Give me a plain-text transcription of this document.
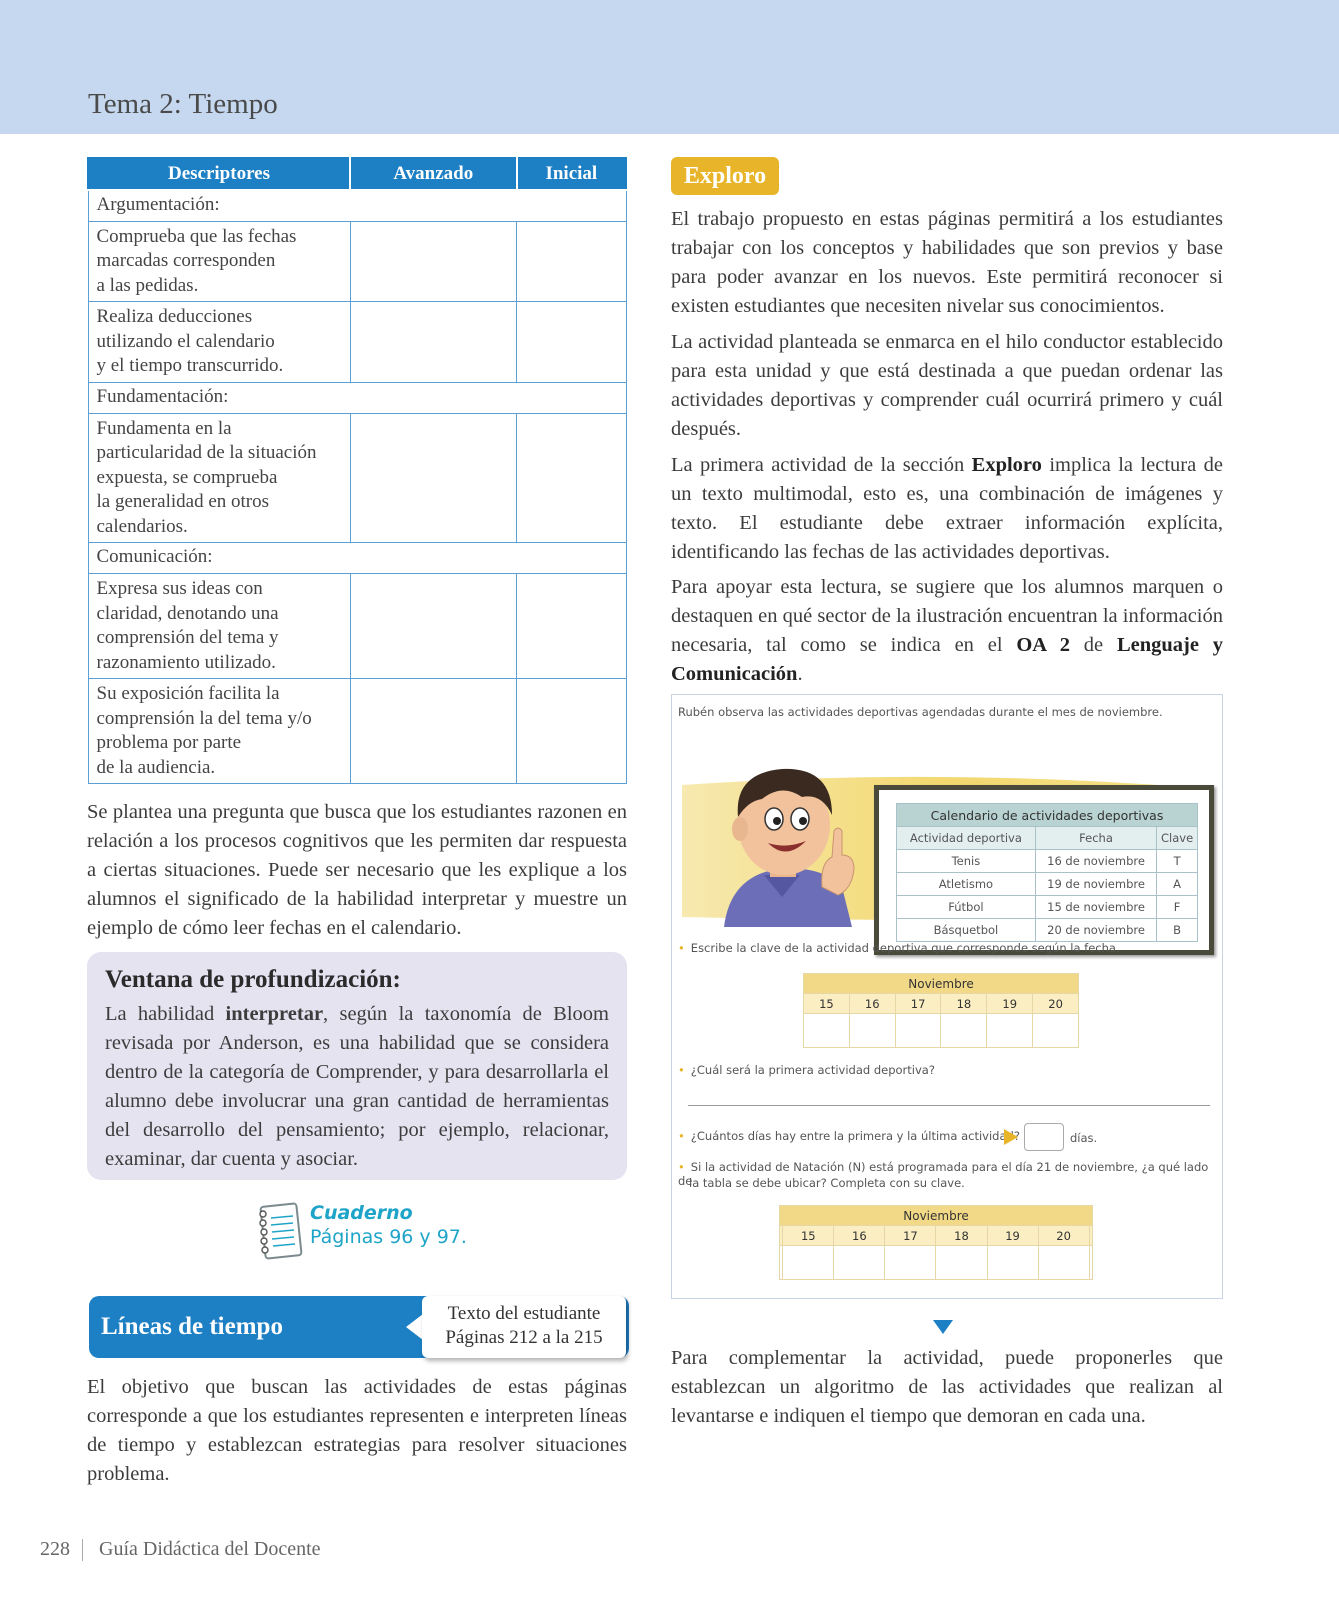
Tema 2: Tiempo
Descriptores	Avanzado	Inicial
Argumentación:		

Comprueba que las fechas
marcadas corresponden
a las pedidas.		

Realiza deducciones
utilizando el calendario
y el tiempo transcurrido.		

Fundamentación:		

Fundamenta en la
particularidad de la situación
expuesta, se comprueba
la generalidad en otros
calendarios.		

Comunicación:		

Expresa sus ideas con
claridad, denotando una
comprensión del tema y
razonamiento utilizado.		

Su exposición facilita la
comprensión la del tema y/o
problema por parte
de la audiencia.		

Se plantea una pregunta que busca que los estudiantes razonen en relación a los procesos cognitivos que les permiten dar respuesta a ciertas situaciones. Puede ser necesario que les explique a los alumnos el significado de la habilidad interpretar y muestre un ejemplo de cómo leer fechas en el calendario.
Ventana de profundización:

La habilidad interpretar, según la taxonomía de Bloom revisada por Anderson, es una habilidad que se considera dentro de la categoría de Comprender, y para desarrollarla el alumno debe involucrar una gran cantidad de herramientas del desarrollo del pensamiento; por ejemplo, relacionar, examinar, dar cuenta y asociar.

Cuaderno
Páginas 96 y 97.
Líneas de tiempo	Texto del estudiante
Páginas 212 a la 215
El objetivo que buscan las actividades de estas páginas corresponde a que los estudiantes representen e interpreten líneas de tiempo y establezcan estrategias para resolver situaciones problema.
Exploro
El trabajo propuesto en estas páginas permitirá a los estudiantes trabajar con los conceptos y habilidades que son previos y base para poder avanzar en los nuevos. Este permitirá reconocer si existen estudiantes que necesiten nivelar sus conocimientos.
La actividad planteada se enmarca en el hilo conductor establecido para esta unidad y que está destinada a que puedan ordenar las actividades deportivas y comprender cuál ocurrirá primero y cuál después.
La primera actividad de la sección Exploro implica la lectura de un texto multimodal, esto es, una combinación de imágenes y texto. El estudiante debe extraer información explícita, identificando las fechas de las actividades deportivas.
Para apoyar esta lectura, se sugiere que los alumnos marquen o destaquen en qué sector de la ilustración encuentran la información necesaria, tal como se indica en el OA 2 de Lenguaje y Comunicación.
Rubén observa las actividades deportivas agendadas durante el mes de noviembre.
Calendario de actividades deportivas		
Actividad deportiva	Fecha	Clave
Tenis	16 de noviembre	T
Atletismo	19 de noviembre	A
Fútbol	15 de noviembre	F
Básquetbol	20 de noviembre	B
• Escribe la clave de la actividad deportiva que corresponde según la fecha.
Noviembre					
15	16	17	18	19	20

• ¿Cuál será la primera actividad deportiva?
• ¿Cuántos días hay entre la primera y la última actividad?	días.
• Si la actividad de Natación (N) está programada para el día 21 de noviembre, ¿a qué lado de
la tabla se debe ubicar? Completa con su clave.
Noviembre							
	15	16	17	18	19	20	

Para complementar la actividad, puede proponerles que establezcan un algoritmo de las actividades que realizan al levantarse e indiquen el tiempo que demoran en cada una.
228 Guía Didáctica del Docente
